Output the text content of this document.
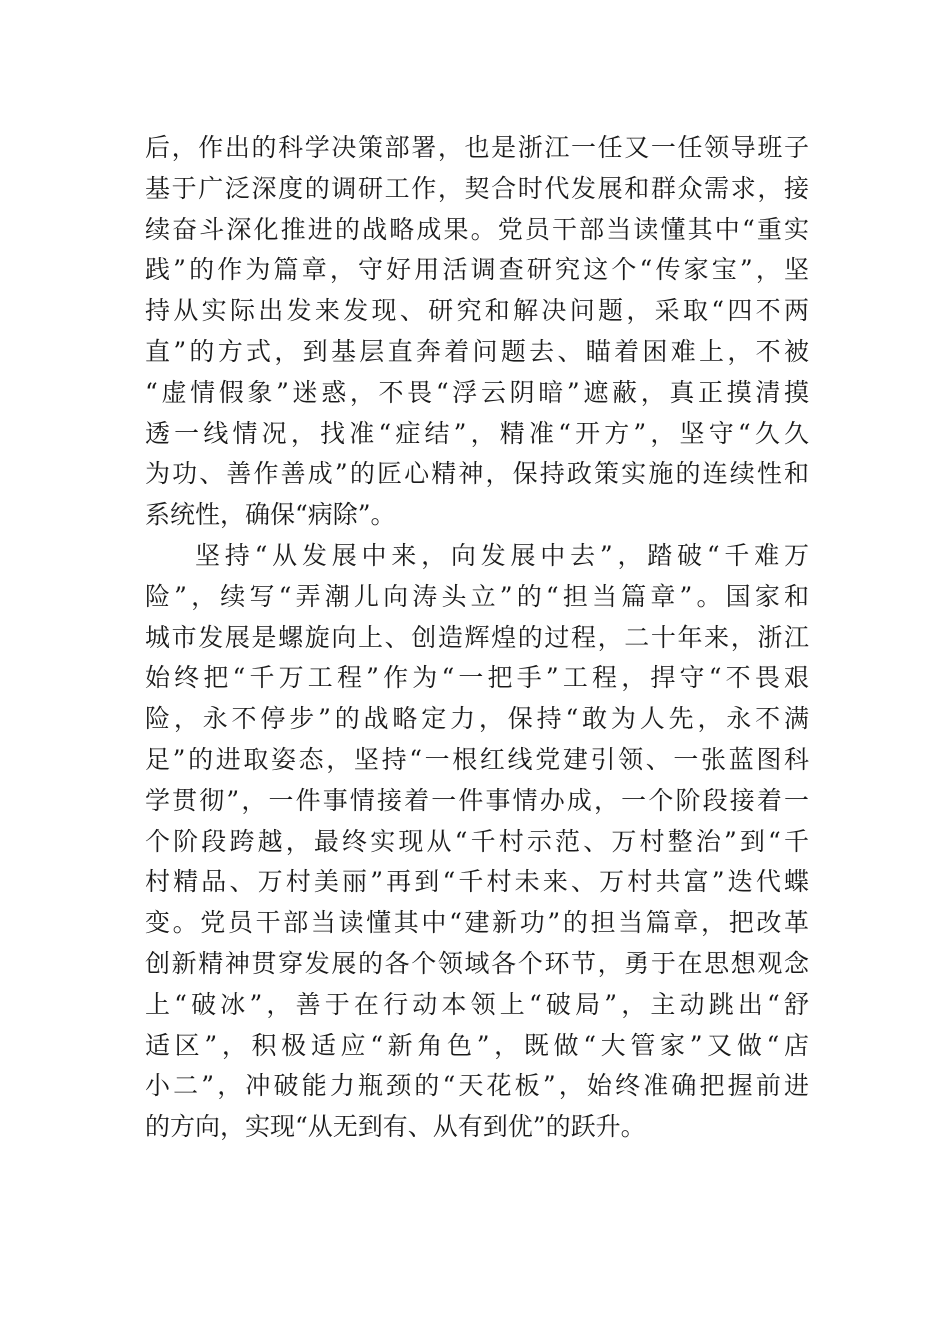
后，作出的科学决策部署，也是浙江一任又一任领导班子
基于广泛深度的调研工作，契合时代发展和群众需求，接
续奋斗深化推进的战略成果。党员干部当读懂其中“重实
践”的作为篇章，守好用活调查研究这个“传家宝”，坚
持从实际出发来发现、研究和解决问题，采取“四不两
直”的方式，到基层直奔着问题去、瞄着困难上，不被
“虚情假象”迷惑，不畏“浮云阴暗”遮蔽，真正摸清摸
透一线情况，找准“症结”，精准“开方”，坚守“久久
为功、善作善成”的匠心精神，保持政策实施的连续性和
系统性，确保“病除”。
坚持“从发展中来，向发展中去”，踏破“千难万
险”，续写“弄潮儿向涛头立”的“担当篇章”。国家和
城市发展是螺旋向上、创造辉煌的过程，二十年来，浙江
始终把“千万工程”作为“一把手”工程，捍守“不畏艰
险，永不停步”的战略定力，保持“敢为人先，永不满
足”的进取姿态，坚持“一根红线党建引领、一张蓝图科
学贯彻”，一件事情接着一件事情办成，一个阶段接着一
个阶段跨越，最终实现从“千村示范、万村整治”到“千
村精品、万村美丽”再到“千村未来、万村共富”迭代蝶
变。党员干部当读懂其中“建新功”的担当篇章，把改革
创新精神贯穿发展的各个领域各个环节，勇于在思想观念
上“破冰”，善于在行动本领上“破局”，主动跳出“舒
适区”，积极适应“新角色”，既做“大管家”又做“店
小二”，冲破能力瓶颈的“天花板”，始终准确把握前进
的方向，实现“从无到有、从有到优”的跃升。
